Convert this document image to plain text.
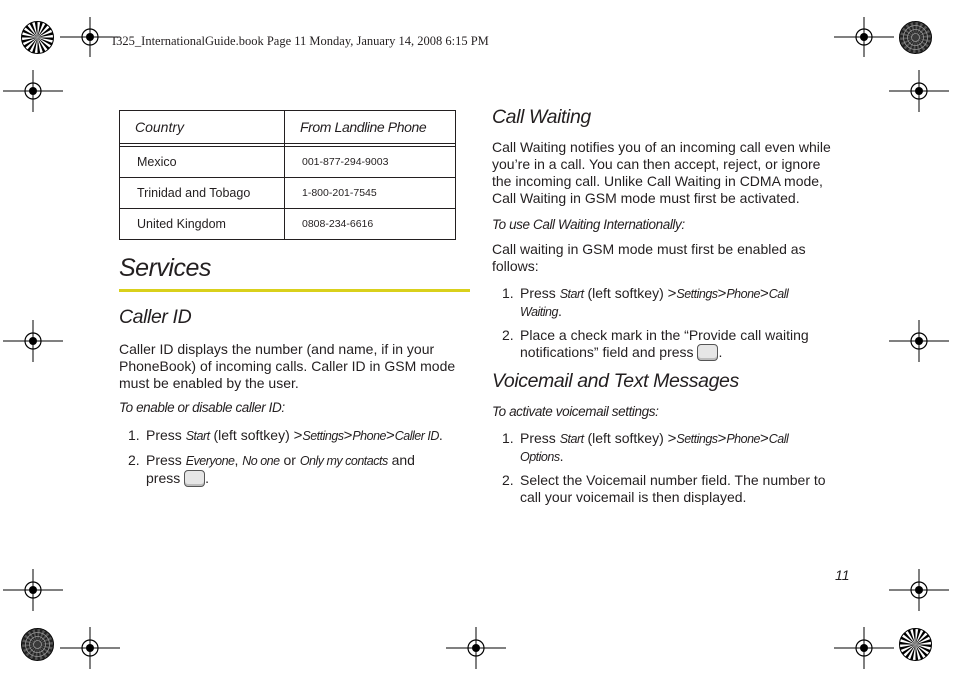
I325_InternationalGuide.book Page 11 Monday, January 14, 2008 6:15 PM
Country	From Landline Phone

Mexico	001-877-294-9003
Trinidad and Tobago	1-800-201-7545
United Kingdom	0808-234-6616
Services
Caller ID
Caller ID displays the number (and name, if in your
PhoneBook) of incoming calls. Caller ID in GSM mode
must be enabled by the user.
To enable or disable caller ID:
1. Press Start (left softkey) >Settings>Phone>Caller ID.
2. Press Everyone, No one or Only my contacts and
press .
Call Waiting
Call Waiting notifies you of an incoming call even while
you’re in a call. You can then accept, reject, or ignore
the incoming call. Unlike Call Waiting in CDMA mode,
Call Waiting in GSM mode must first be activated.
To use Call Waiting Internationally:
Call waiting in GSM mode must first be enabled as
follows:
1. Press Start (left softkey) >Settings>Phone>Call
Waiting.
2. Place a check mark in the “Provide call waiting
notifications” field and press .
Voicemail and Text Messages
To activate voicemail settings:
1. Press Start (left softkey) >Settings>Phone>Call
Options.
2. Select the Voicemail number field. The number to
call your voicemail is then displayed.
11
